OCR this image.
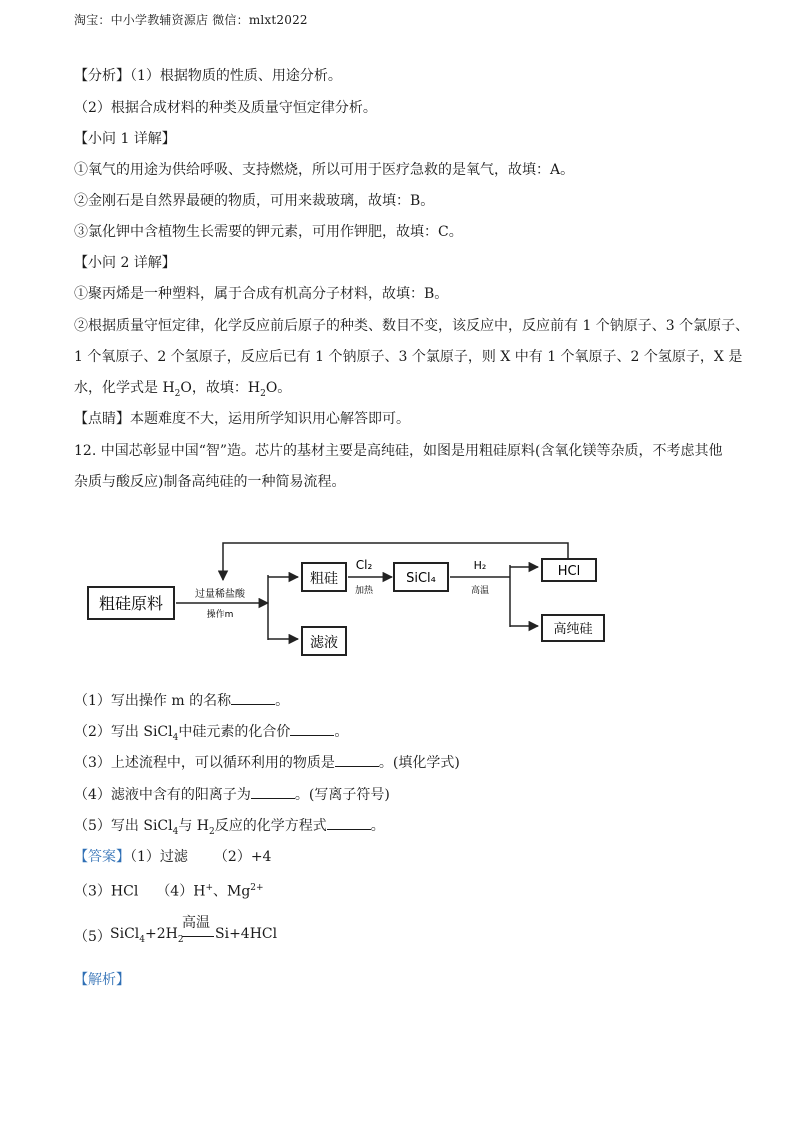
淘宝：中小学教辅资源店 微信：mlxt2022
【分析】（1）根据物质的性质、用途分析。
（2）根据合成材料的种类及质量守恒定律分析。
【小问 1 详解】
①氧气的用途为供给呼吸、支持燃烧，所以可用于医疗急救的是氧气，故填：A。
②金刚石是自然界最硬的物质，可用来裁玻璃，故填：B。
③氯化钾中含植物生长需要的钾元素，可用作钾肥，故填：C。
【小问 2 详解】
①聚丙烯是一种塑料，属于合成有机高分子材料，故填：B。
②根据质量守恒定律，化学反应前后原子的种类、数目不变，该反应中，反应前有 1 个钠原子、3 个氯原子、
1 个氧原子、2 个氢原子，反应后已有 1 个钠原子、3 个氯原子，则 X 中有 1 个氧原子、2 个氢原子，X 是
水，化学式是 $H_2O$，故填：$H_2O$。
【点睛】本题难度不大，运用所学知识用心解答即可。
12. 中国芯彰显中国“智”造。芯片的基材主要是高纯硅，如图是用粗硅原料(含氧化镁等杂质，不考虑其他
杂质与酸反应)制备高纯硅的一种简易流程。
粗硅原料	过量稀盐酸
操作m
粗硅
滤液
Cl₂
加热
SiCl₄
H₂
高温
HCl
高纯硅
（1）写出操作 m 的名称	。
（2）写出 SiCl$_4$中硅元素的化合价	。
（3）上述流程中，可以循环利用的物质是	。(填化学式)
（4）滤液中含有的阳离子为	。(写离子符号)
（5）写出 SiCl$_4$与 $H_2$反应的化学方程式	。
【答案】（1）过滤 （2）+4
（3）HCl （4）H+、$Mg^{2+}$
（5） $SiCl_4+2H_2$
高温
Si+4HCl
【解析】
